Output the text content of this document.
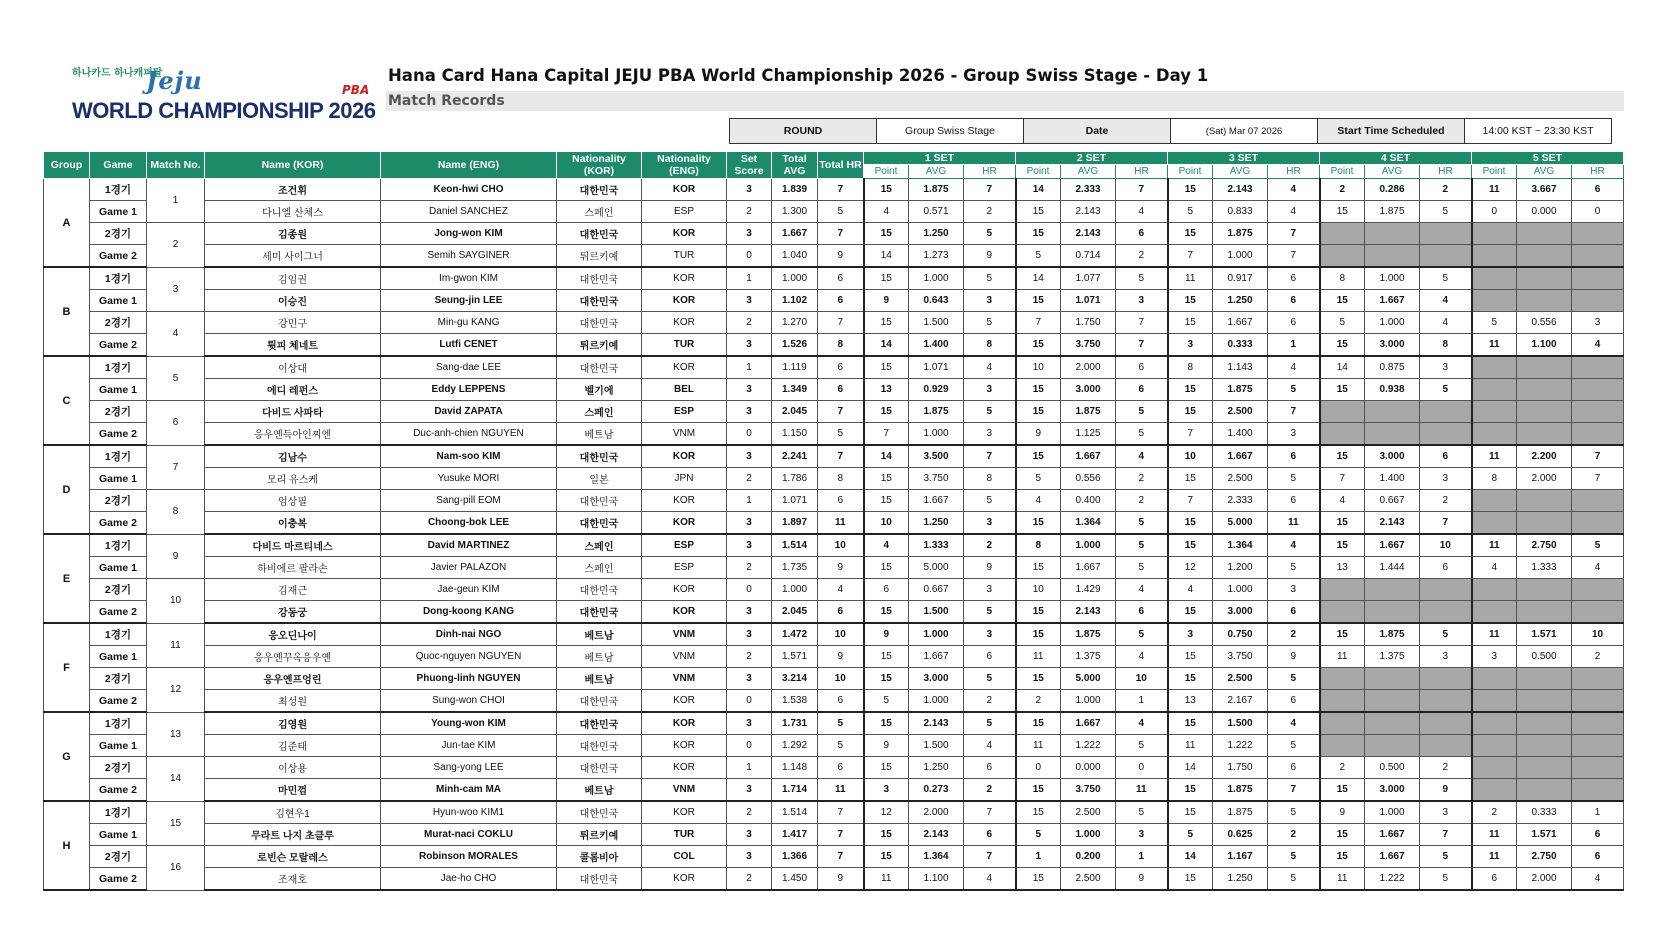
하나카드 하나캐피탈
Jeju	PBA
WORLD CHAMPIONSHIP 2026
Hana Card Hana Capital JEJU PBA World Championship 2026 - Group Swiss Stage - Day 1
Match Records
ROUND	Group Swiss Stage	Date	(Sat) Mar 07 2026	Start Time Scheduled	14:00 KST ~ 23:30 KST
Group	Game	Match No.	Name (KOR)	Name (ENG)	Nationality (KOR)	Nationality (ENG)	Set Score	Total AVG	Total HR	1 SET			2 SET			3 SET			4 SET			5 SET		
										Point	AVG	HR	Point	AVG	HR	Point	AVG	HR	Point	AVG	HR	Point	AVG	HR
A	1경기	1	조건휘	Keon-hwi CHO	대한민국	KOR	3	1.839	7	15	1.875	7	14	2.333	7	15	2.143	4	2	0.286	2	11	3.667	6
	Game 1		다니엘 산체스	Daniel SANCHEZ	스페인	ESP	2	1.300	5	4	0.571	2	15	2.143	4	5	0.833	4	15	1.875	5	0	0.000	0
	2경기	2	김종원	Jong-won KIM	대한민국	KOR	3	1.667	7	15	1.250	5	15	2.143	6	15	1.875	7						
	Game 2		세미 사이그너	Semih SAYGINER	튀르키예	TUR	0	1.040	9	14	1.273	9	5	0.714	2	7	1.000	7						
B	1경기	3	김임권	Im-gwon KIM	대한민국	KOR	1	1.000	6	15	1.000	5	14	1.077	5	11	0.917	6	8	1.000	5			
	Game 1		이승진	Seung-jin LEE	대한민국	KOR	3	1.102	6	9	0.643	3	15	1.071	3	15	1.250	6	15	1.667	4			
	2경기	4	강민구	Min-gu KANG	대한민국	KOR	2	1.270	7	15	1.500	5	7	1.750	7	15	1.667	6	5	1.000	4	5	0.556	3
	Game 2		륏피 체네트	Lutfi CENET	튀르키예	TUR	3	1.526	8	14	1.400	8	15	3.750	7	3	0.333	1	15	3.000	8	11	1.100	4
C	1경기	5	이상대	Sang-dae LEE	대한민국	KOR	1	1.119	6	15	1.071	4	10	2.000	6	8	1.143	4	14	0.875	3			
	Game 1		에디 레펀스	Eddy LEPPENS	벨기에	BEL	3	1.349	6	13	0.929	3	15	3.000	6	15	1.875	5	15	0.938	5			
	2경기	6	다비드 사파타	David ZAPATA	스페인	ESP	3	2.045	7	15	1.875	5	15	1.875	5	15	2.500	7						
	Game 2		응우옌득아인찌엔	Duc-anh-chien NGUYEN	베트남	VNM	0	1.150	5	7	1.000	3	9	1.125	5	7	1.400	3						
D	1경기	7	김남수	Nam-soo KIM	대한민국	KOR	3	2.241	7	14	3.500	7	15	1.667	4	10	1.667	6	15	3.000	6	11	2.200	7
	Game 1		모리 유스케	Yusuke MORI	일본	JPN	2	1.786	8	15	3.750	8	5	0.556	2	15	2.500	5	7	1.400	3	8	2.000	7
	2경기	8	엄상필	Sang-pill EOM	대한민국	KOR	1	1.071	6	15	1.667	5	4	0.400	2	7	2.333	6	4	0.667	2			
	Game 2		이충복	Choong-bok LEE	대한민국	KOR	3	1.897	11	10	1.250	3	15	1.364	5	15	5.000	11	15	2.143	7			
E	1경기	9	다비드 마르티네스	David MARTINEZ	스페인	ESP	3	1.514	10	4	1.333	2	8	1.000	5	15	1.364	4	15	1.667	10	11	2.750	5
	Game 1		하비에르 팔라손	Javier PALAZON	스페인	ESP	2	1.735	9	15	5.000	9	15	1.667	5	12	1.200	5	13	1.444	6	4	1.333	4
	2경기	10	김재근	Jae-geun KIM	대한민국	KOR	0	1.000	4	6	0.667	3	10	1.429	4	4	1.000	3						
	Game 2		강동궁	Dong-koong KANG	대한민국	KOR	3	2.045	6	15	1.500	5	15	2.143	6	15	3.000	6						
F	1경기	11	응오딘나이	Dinh-nai NGO	베트남	VNM	3	1.472	10	9	1.000	3	15	1.875	5	3	0.750	2	15	1.875	5	11	1.571	10
	Game 1		응우옌꾸옥응우옌	Quoc-nguyen NGUYEN	베트남	VNM	2	1.571	9	15	1.667	6	11	1.375	4	15	3.750	9	11	1.375	3	3	0.500	2
	2경기	12	응우옌프엉린	Phuong-linh NGUYEN	베트남	VNM	3	3.214	10	15	3.000	5	15	5.000	10	15	2.500	5						
	Game 2		최성원	Sung-won CHOI	대한민국	KOR	0	1.538	6	5	1.000	2	2	1.000	1	13	2.167	6						
G	1경기	13	김영원	Young-won KIM	대한민국	KOR	3	1.731	5	15	2.143	5	15	1.667	4	15	1.500	4						
	Game 1		김준태	Jun-tae KIM	대한민국	KOR	0	1.292	5	9	1.500	4	11	1.222	5	11	1.222	5						
	2경기	14	이상용	Sang-yong LEE	대한민국	KOR	1	1.148	6	15	1.250	6	0	0.000	0	14	1.750	6	2	0.500	2			
	Game 2		마민껌	Minh-cam MA	베트남	VNM	3	1.714	11	3	0.273	2	15	3.750	11	15	1.875	7	15	3.000	9			
H	1경기	15	김현우1	Hyun-woo KIM1	대한민국	KOR	2	1.514	7	12	2.000	7	15	2.500	5	15	1.875	5	9	1.000	3	2	0.333	1
	Game 1		무라트 나지 초클루	Murat-naci COKLU	튀르키예	TUR	3	1.417	7	15	2.143	6	5	1.000	3	5	0.625	2	15	1.667	7	11	1.571	6
	2경기	16	로빈슨 모랄레스	Robinson MORALES	콜롬비아	COL	3	1.366	7	15	1.364	7	1	0.200	1	14	1.167	5	15	1.667	5	11	2.750	6
	Game 2		조재호	Jae-ho CHO	대한민국	KOR	2	1.450	9	11	1.100	4	15	2.500	9	15	1.250	5	11	1.222	5	6	2.000	4
